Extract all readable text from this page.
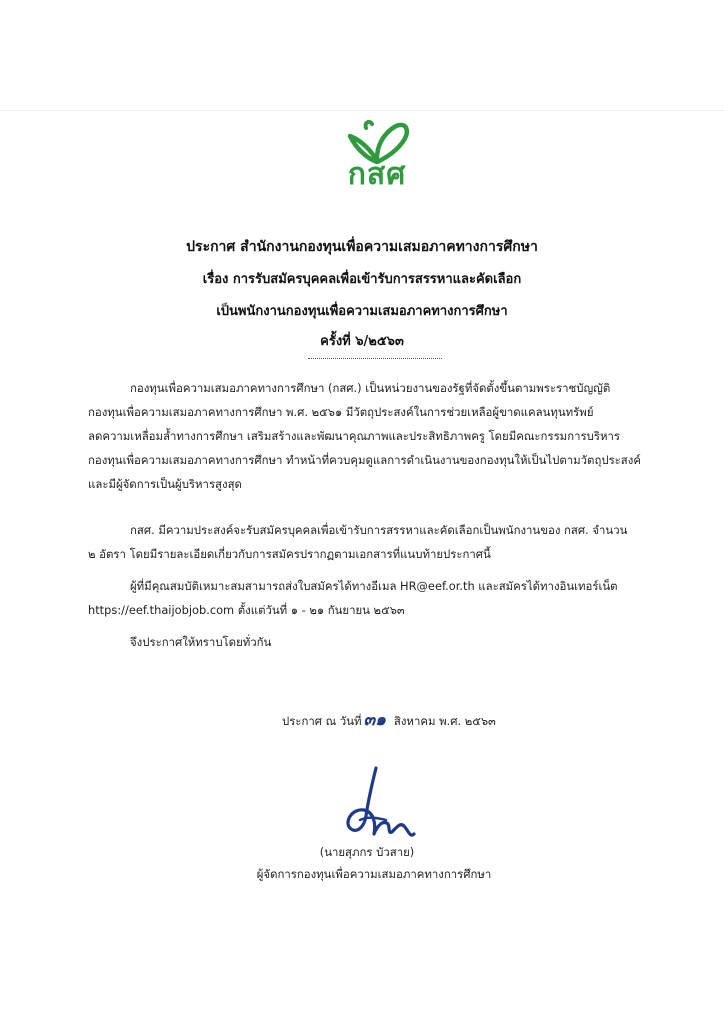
กสศ
ประกาศ สำนักงานกองทุนเพื่อความเสมอภาคทางการศึกษา
เรื่อง การรับสมัครบุคคลเพื่อเข้ารับการสรรหาและคัดเลือก
เป็นพนักงานกองทุนเพื่อความเสมอภาคทางการศึกษา
ครั้งที่ ๖/๒๕๖๓
กองทุนเพื่อความเสมอภาคทางการศึกษา (กสศ.) เป็นหน่วยงานของรัฐที่จัดตั้งขึ้นตามพระราชบัญญัติ
กองทุนเพื่อความเสมอภาคทางการศึกษา พ.ศ. ๒๕๖๑ มีวัตถุประสงค์ในการช่วยเหลือผู้ขาดแคลนทุนทรัพย์
ลดความเหลื่อมล้ำทางการศึกษา เสริมสร้างและพัฒนาคุณภาพและประสิทธิภาพครู โดยมีคณะกรรมการบริหาร
กองทุนเพื่อความเสมอภาคทางการศึกษา ทำหน้าที่ควบคุมดูแลการดำเนินงานของกองทุนให้เป็นไปตามวัตถุประสงค์
และมีผู้จัดการเป็นผู้บริหารสูงสุด
กสศ. มีความประสงค์จะรับสมัครบุคคลเพื่อเข้ารับการสรรหาและคัดเลือกเป็นพนักงานของ กสศ. จำนวน
๒ อัตรา โดยมีรายละเอียดเกี่ยวกับการสมัครปรากฏตามเอกสารที่แนบท้ายประกาศนี้
ผู้ที่มีคุณสมบัติเหมาะสมสามารถส่งใบสมัครได้ทางอีเมล HR@eef.or.th และสมัครได้ทางอินเทอร์เน็ต
https://eef.thaijobjob.com ตั้งแต่วันที่ ๑ - ๒๑ กันยายน ๒๕๖๓
จึงประกาศให้ทราบโดยทั่วกัน
ประกาศ ณ วันที่ ๓๑ สิงหาคม พ.ศ. ๒๕๖๓
(นายสุภกร บัวสาย)
ผู้จัดการกองทุนเพื่อความเสมอภาคทางการศึกษา
